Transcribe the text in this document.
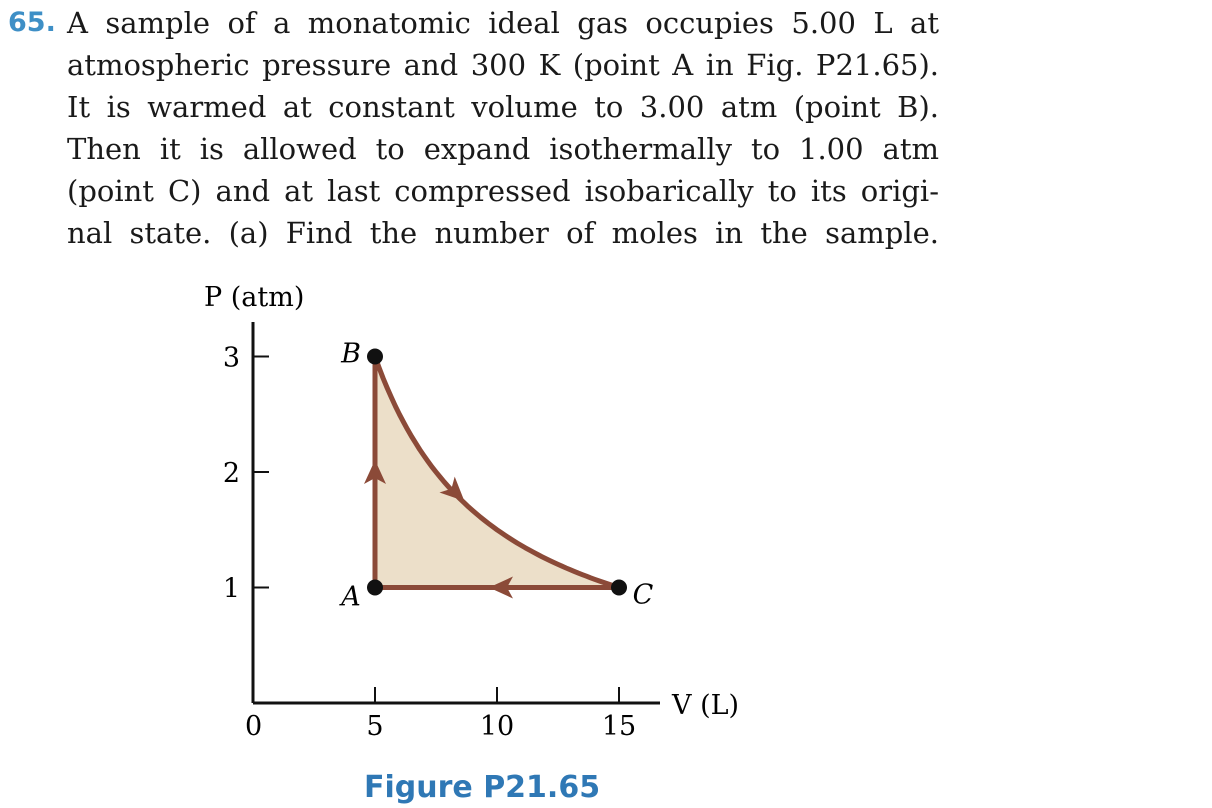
65. A sample of a monatomic ideal gas occupies 5.00 L at
atmospheric pressure and 300 K (point A in Fig. P21.65).
It is warmed at constant volume to 3.00 atm (point B).
Then it is allowed to expand isothermally to 1.00 atm
(point C) and at last compressed isobarically to its origi-
nal state. (a) Find the number of moles in the sample.
1
2
3
5	10	15
A
B
C
P (atm)
V (L)
0
Figure P21.65
